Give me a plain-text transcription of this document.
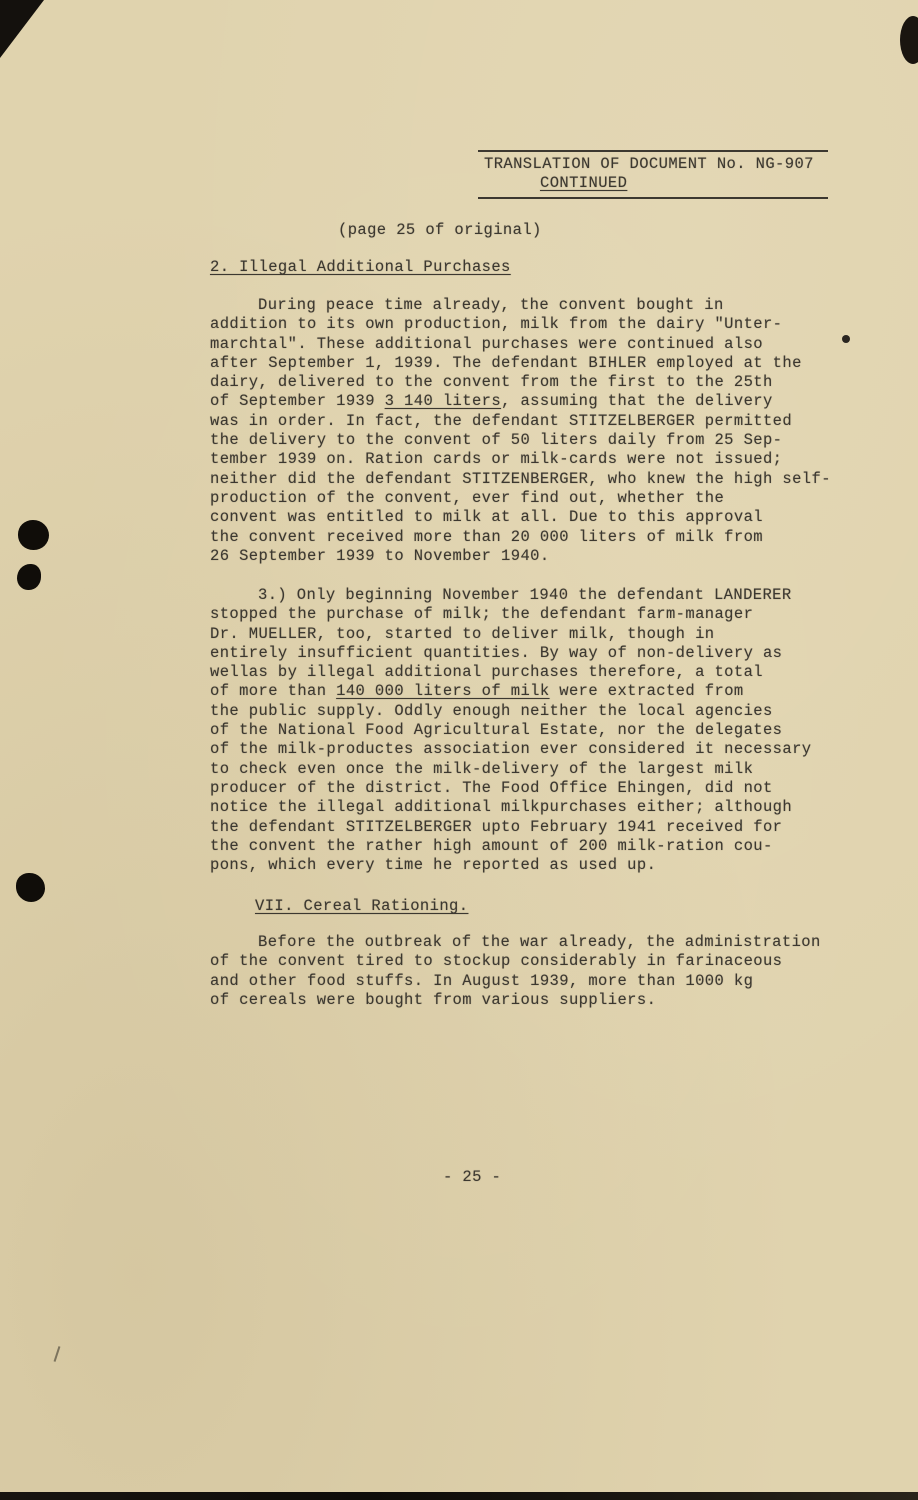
TRANSLATION OF DOCUMENT No. NG-907
CONTINUED
(page 25 of original)
2. Illegal Additional Purchases
During peace time already, the convent bought in
addition to its own production, milk from the dairy "Unter-
marchtal". These additional purchases were continued also
after September 1, 1939. The defendant BIHLER employed at the
dairy, delivered to the convent from the first to the 25th
of September 1939 3 140 liters, assuming that the delivery
was in order. In fact, the defendant STITZELBERGER permitted
the delivery to the convent of 50 liters daily from 25 Sep-
tember 1939 on. Ration cards or milk-cards were not issued;
neither did the defendant STITZENBERGER, who knew the high self-
production of the convent, ever find out, whether the
convent was entitled to milk at all. Due to this approval
the convent received more than 20 000 liters of milk from
26 September 1939 to November 1940.
3.) Only beginning November 1940 the defendant LANDERER
stopped the purchase of milk; the defendant farm-manager
Dr. MUELLER, too, started to deliver milk, though in
entirely insufficient quantities. By way of non-delivery as
wellas by illegal additional purchases therefore, a total
of more than 140 000 liters of milk were extracted from
the public supply. Oddly enough neither the local agencies
of the National Food Agricultural Estate, nor the delegates
of the milk-productes association ever considered it necessary
to check even once the milk-delivery of the largest milk
producer of the district. The Food Office Ehingen, did not
notice the illegal additional milkpurchases either; although
the defendant STITZELBERGER upto February 1941 received for
the convent the rather high amount of 200 milk-ration cou-
pons, which every time he reported as used up.
VII. Cereal Rationing.
Before the outbreak of the war already, the administration
of the convent tired to stockup considerably in farinaceous
and other food stuffs. In August 1939, more than 1000 kg
of cereals were bought from various suppliers.
- 25 -
